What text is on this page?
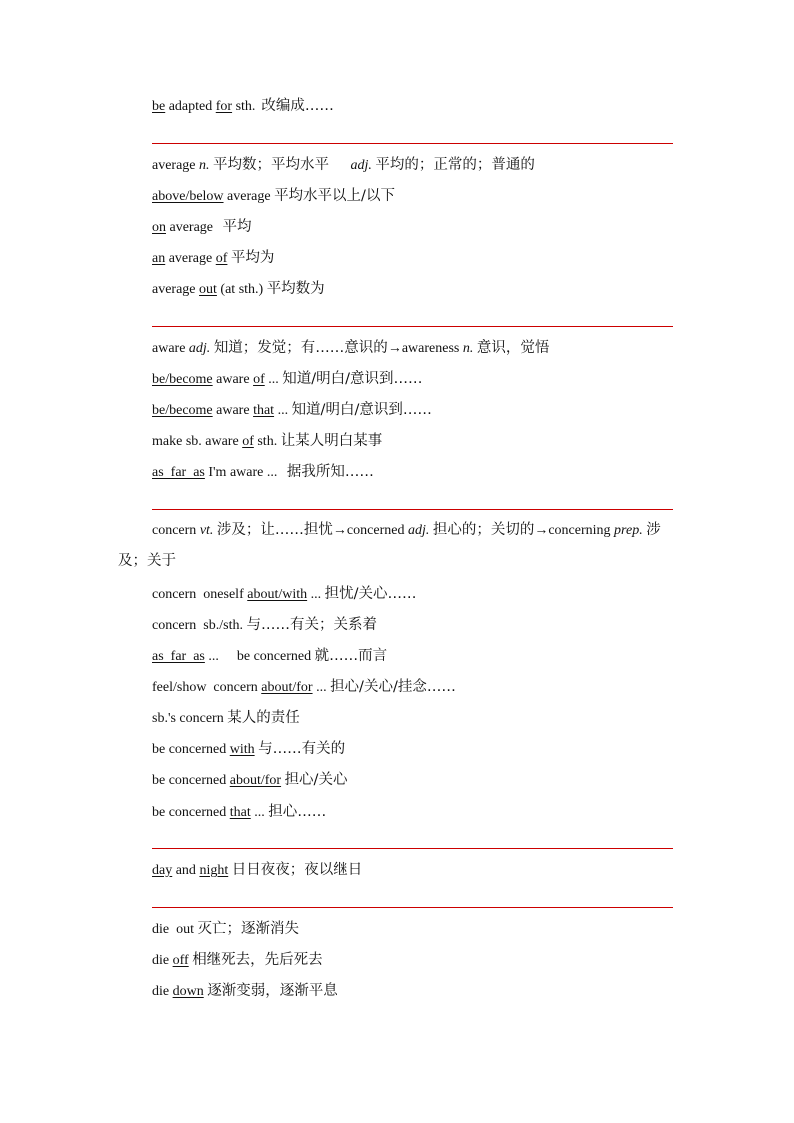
be adapted for sth. 改编成……
average n. 平均数；平均水平 adj. 平均的；正常的；普通的
above/below average 平均水平以上/以下
on average 平均
an average of 平均为
average out (at sth.) 平均数为
aware adj. 知道；发觉；有……意识的→awareness n. 意识，觉悟
be/become aware of ... 知道/明白/意识到……
be/become aware that ... 知道/明白/意识到……
make sb. aware of sth. 让某人明白某事
as  far  as I'm aware ... 据我所知……
concern vt. 涉及；让……担忧→concerned adj. 担心的；关切的→concerning prep. 涉及；关于
concern  oneself about/with ... 担忧/关心……
concern  sb./sth. 与……有关；关系着
as  far  as ... be concerned 就……而言
feel/show  concern about/for ... 担心/关心/挂念……
sb.'s concern 某人的责任
be concerned with 与……有关的
be concerned about/for 担心/关心
be concerned that ... 担心……
day and night 日日夜夜；夜以继日
die  out 灭亡；逐渐消失
die off 相继死去，先后死去
die down 逐渐变弱，逐渐平息
